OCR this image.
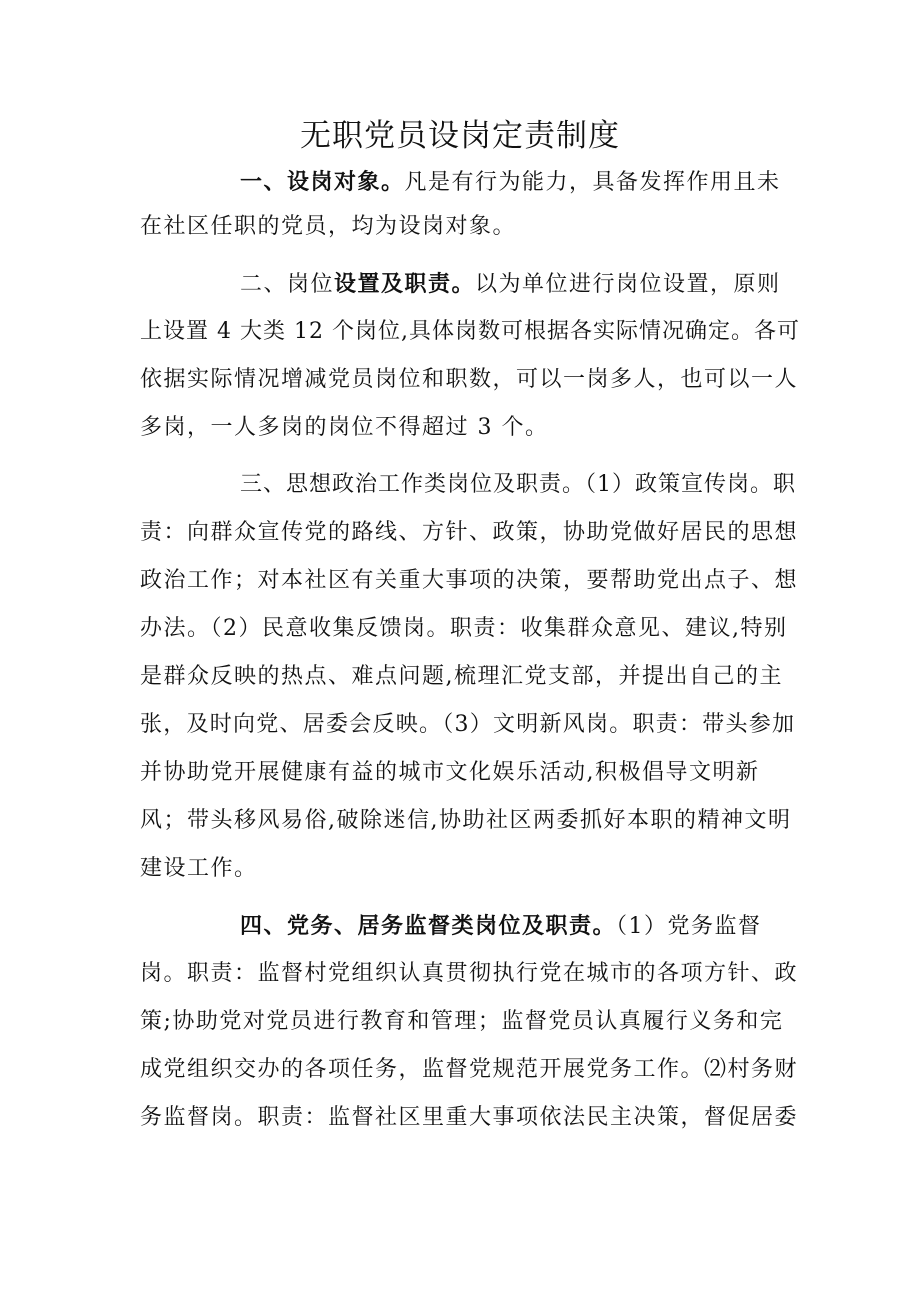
无职党员设岗定责制度
一、设岗对象。凡是有行为能力，具备发挥作用且未
在社区任职的党员，均为设岗对象。
二、岗位设置及职责。以为单位进行岗位设置，原则
上设置 4 大类 12 个岗位,具体岗数可根据各实际情况确定。各可
依据实际情况增减党员岗位和职数，可以一岗多人，也可以一人
多岗，一人多岗的岗位不得超过 3 个。
三、思想政治工作类岗位及职责。（1）政策宣传岗。职
责：向群众宣传党的路线、方针、政策，协助党做好居民的思想
政治工作；对本社区有关重大事项的决策，要帮助党出点子、想
办法。（2）民意收集反馈岗。职责：收集群众意见、建议,特别
是群众反映的热点、难点问题,梳理汇党支部，并提出自己的主
张，及时向党、居委会反映。（3）文明新风岗。职责：带头参加
并协助党开展健康有益的城市文化娱乐活动,积极倡导文明新
风；带头移风易俗,破除迷信,协助社区两委抓好本职的精神文明
建设工作。
四、党务、居务监督类岗位及职责。（1）党务监督
岗。职责：监督村党组织认真贯彻执行党在城市的各项方针、政
策;协助党对党员进行教育和管理；监督党员认真履行义务和完
成党组织交办的各项任务，监督党规范开展党务工作。⑵村务财
务监督岗。职责：监督社区里重大事项依法民主决策，督促居委
